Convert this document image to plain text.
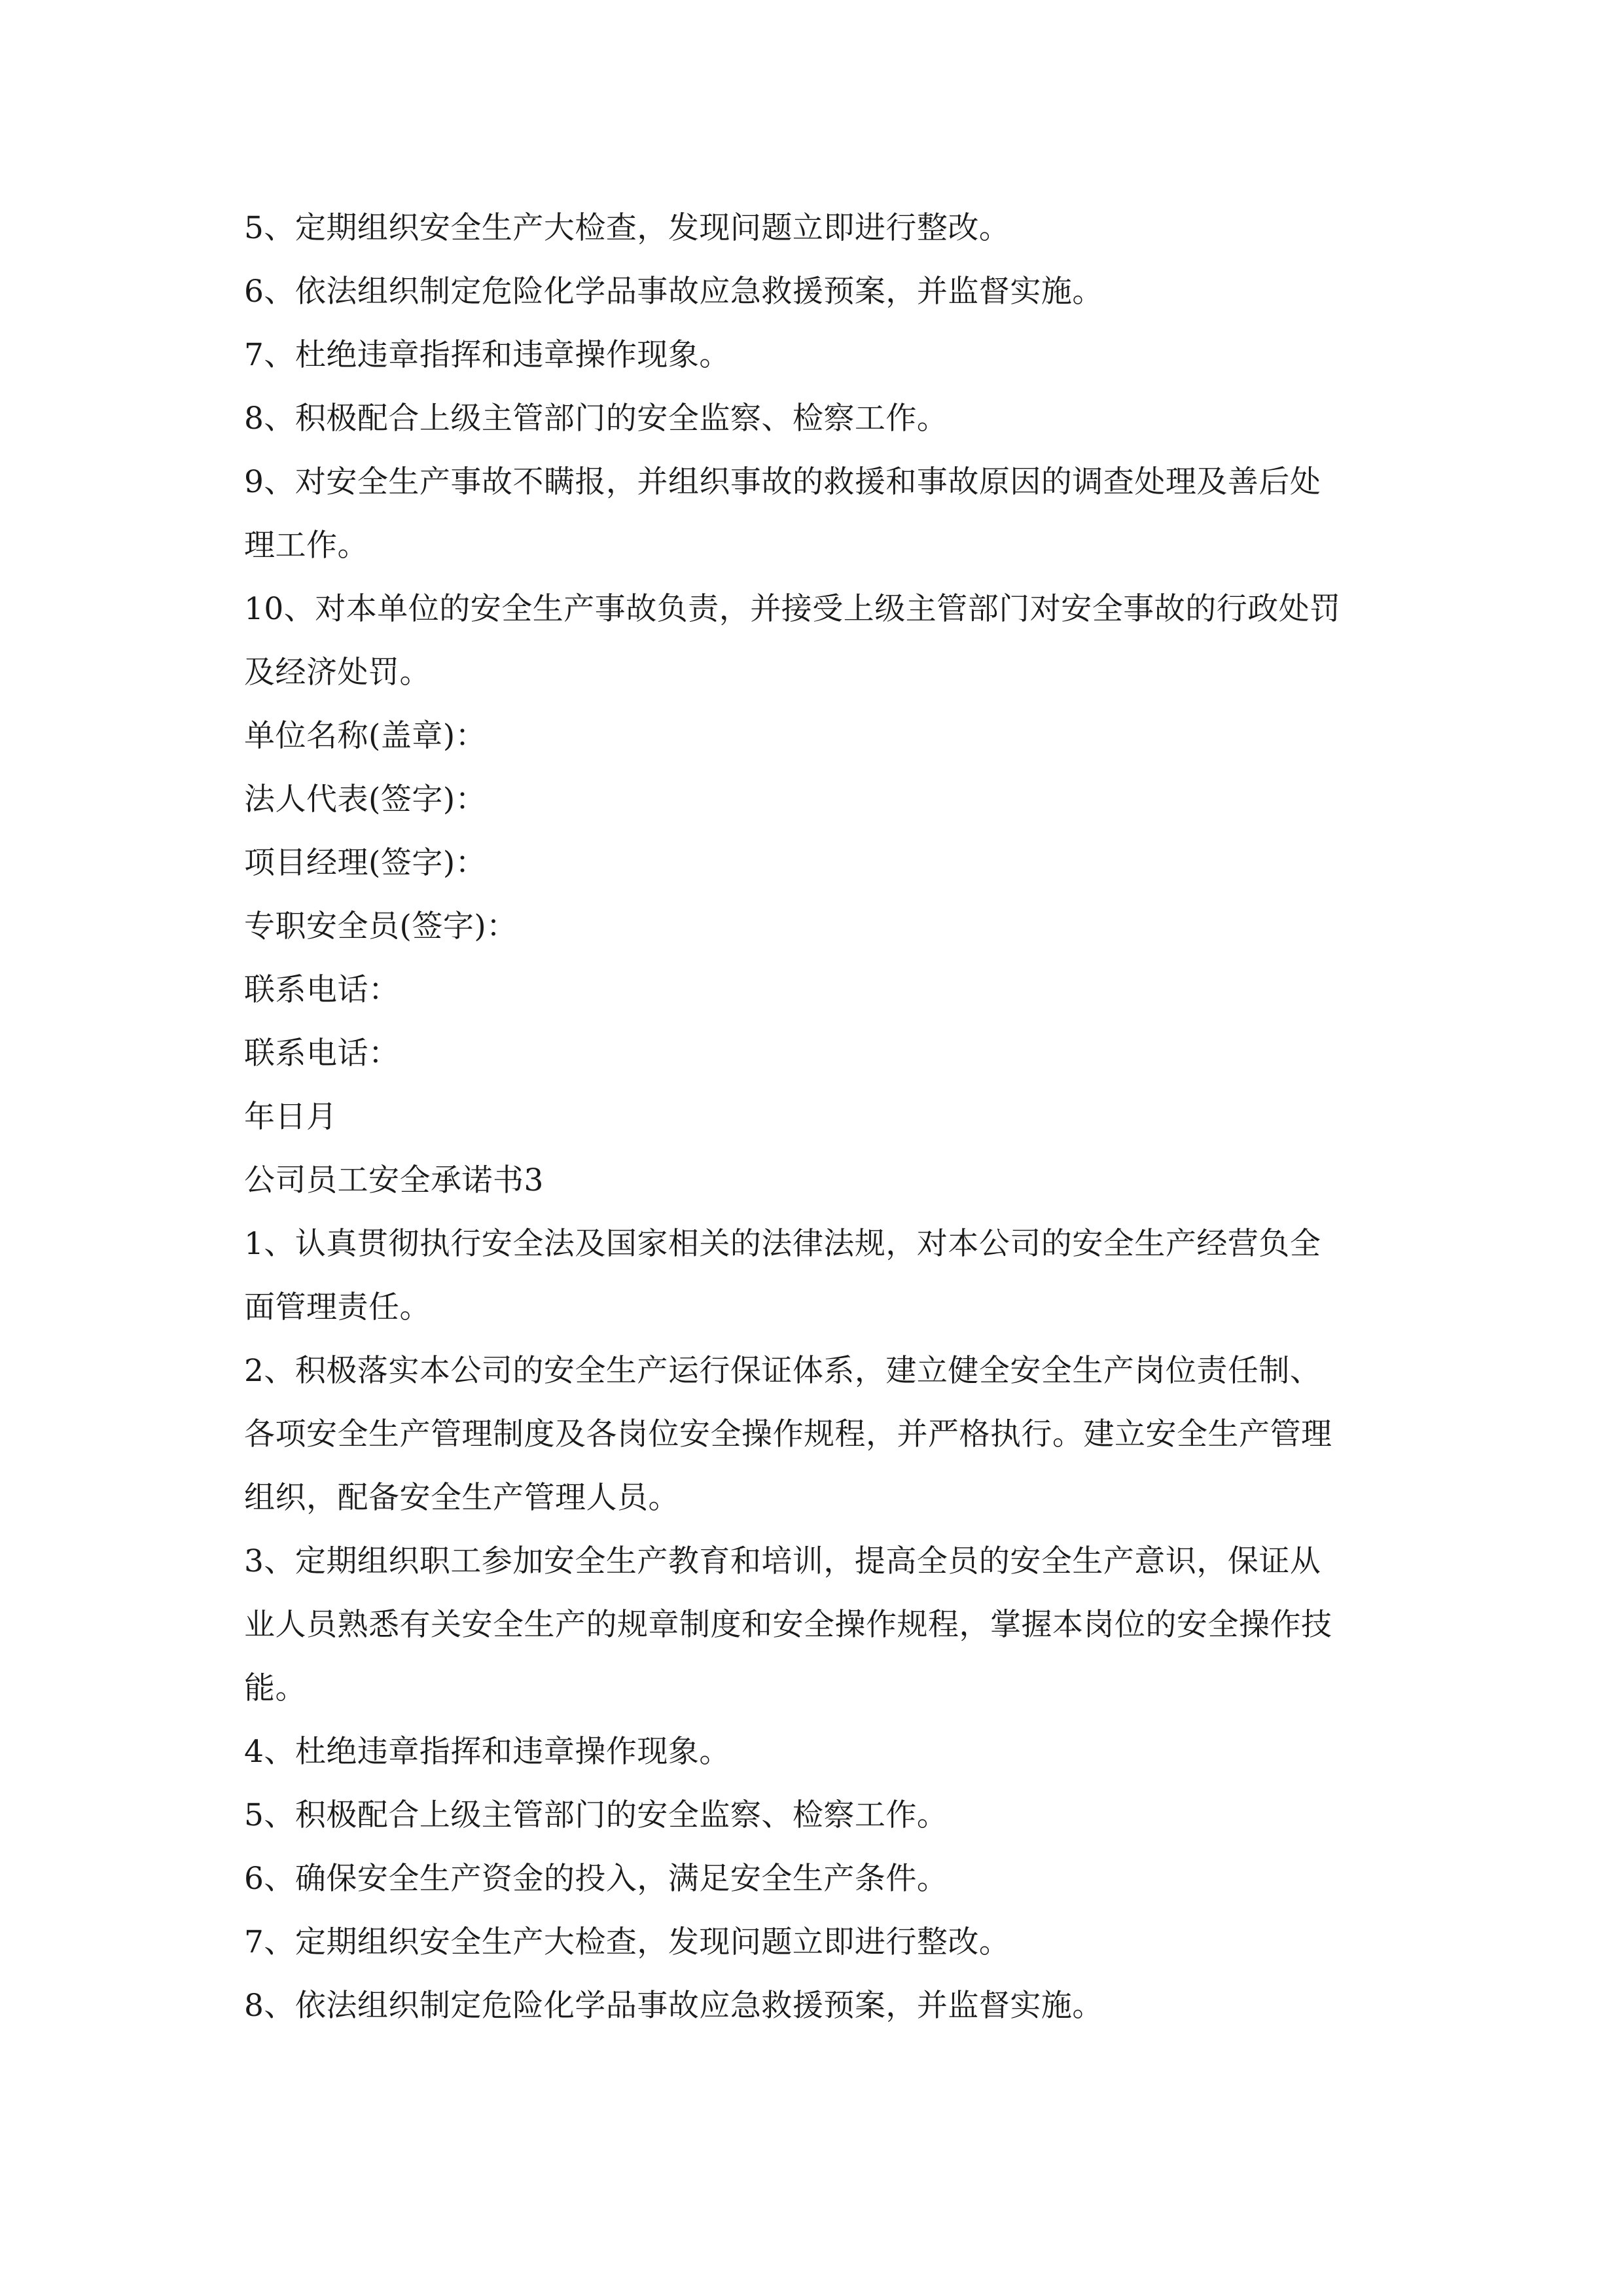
5、定期组织安全生产大检查，发现问题立即进行整改。
6、依法组织制定危险化学品事故应急救援预案，并监督实施。
7、杜绝违章指挥和违章操作现象。
8、积极配合上级主管部门的安全监察、检察工作。
9、对安全生产事故不瞒报，并组织事故的救援和事故原因的调查处理及善后处
理工作。
10、对本单位的安全生产事故负责，并接受上级主管部门对安全事故的行政处罚
及经济处罚。
单位名称(盖章)：
法人代表(签字)：
项目经理(签字)：
专职安全员(签字)：
联系电话：
联系电话：
年日月
公司员工安全承诺书3
1、认真贯彻执行安全法及国家相关的法律法规，对本公司的安全生产经营负全
面管理责任。
2、积极落实本公司的安全生产运行保证体系，建立健全安全生产岗位责任制、
各项安全生产管理制度及各岗位安全操作规程，并严格执行。建立安全生产管理
组织，配备安全生产管理人员。
3、定期组织职工参加安全生产教育和培训，提高全员的安全生产意识，保证从
业人员熟悉有关安全生产的规章制度和安全操作规程，掌握本岗位的安全操作技
能。
4、杜绝违章指挥和违章操作现象。
5、积极配合上级主管部门的安全监察、检察工作。
6、确保安全生产资金的投入，满足安全生产条件。
7、定期组织安全生产大检查，发现问题立即进行整改。
8、依法组织制定危险化学品事故应急救援预案，并监督实施。
